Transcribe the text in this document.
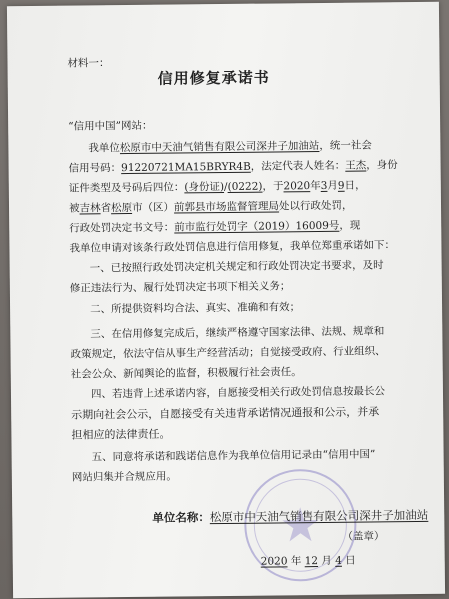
材料一：
信用修复承诺书
“信用中国”网站：
我单位松原市中天油气销售有限公司深井子加油站，统一社会
信用号码：91220721MA15BRYR4B，法定代表人姓名：王杰，身份
证件类型及号码后四位：(身份证)/(0222)，于2020年3月9日，
被吉林省松原市（区）前郭县市场监督管理局处以行政处罚，
行政处罚决定书文号：前市监行处罚字（2019）16009号，现
我单位申请对该条行政处罚信息进行信用修复，我单位郑重承诺如下：
一、已按照行政处罚决定机关规定和行政处罚决定书要求，及时
修正违法行为、履行处罚决定书项下相关义务；
二、所提供资料均合法、真实、准确和有效；
三、在信用修复完成后，继续严格遵守国家法律、法规、规章和
政策规定，依法守信从事生产经营活动；自觉接受政府、行业组织、
社会公众、新闻舆论的监督，积极履行社会责任。
四、若违背上述承诺内容，自愿接受相关行政处罚信息按最长公
示期向社会公示，自愿接受有关违背承诺情况通报和公示，并承
担相应的法律责任。
五、同意将承诺和践诺信息作为我单位信用记录由“信用中国”
网站归集并合规应用。
单位名称：松原市中天油气销售有限公司深井子加油站
（盖章）
2020 年 12 月 4 日
